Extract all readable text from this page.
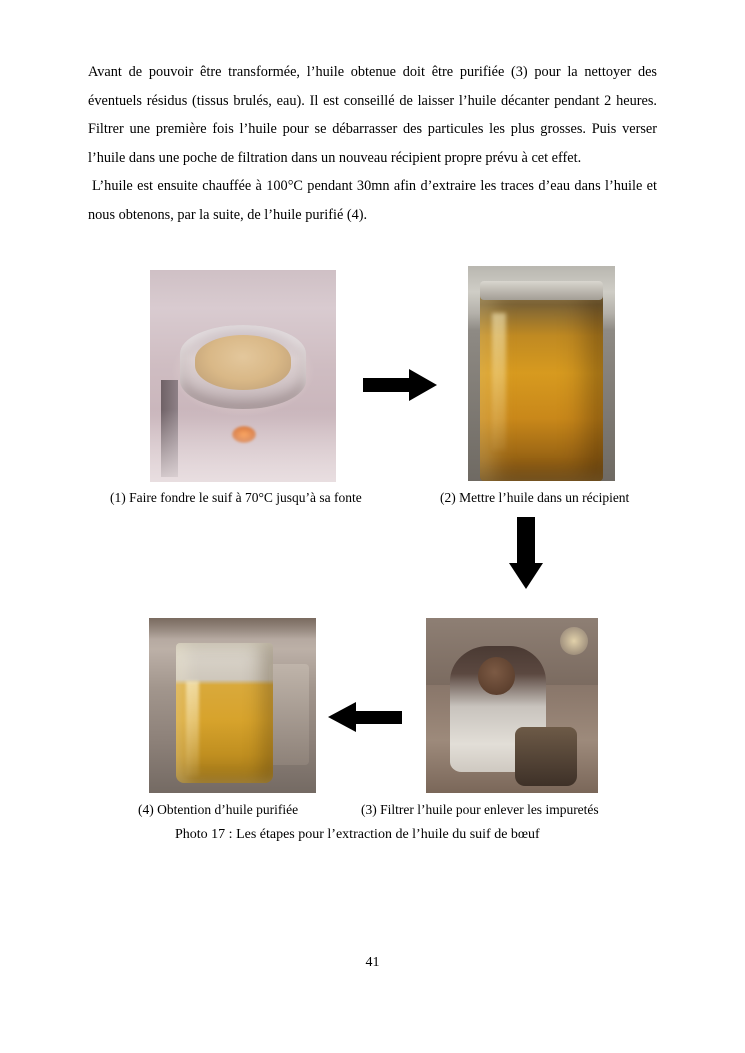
Avant de pouvoir être transformée, l’huile obtenue doit être purifiée (3) pour la nettoyer des éventuels résidus (tissus brulés, eau). Il est conseillé de laisser l’huile décanter pendant 2 heures. Filtrer une première fois l’huile pour se débarrasser des particules les plus grosses. Puis verser l’huile dans une poche de filtration dans un nouveau récipient propre prévu à cet effet.

L’huile est ensuite chauffée à 100°C pendant 30mn afin d’extraire les traces d’eau dans l’huile et nous obtenons, par la suite, de l’huile purifié (4).

(1) Faire fondre le suif à 70°C jusqu’à sa fonte	(2) Mettre l’huile dans un récipient
(4) Obtention d’huile purifiée	(3) Filtrer l’huile pour enlever les impuretés
Photo 17 : Les étapes pour l’extraction de l’huile du suif de bœuf
41
